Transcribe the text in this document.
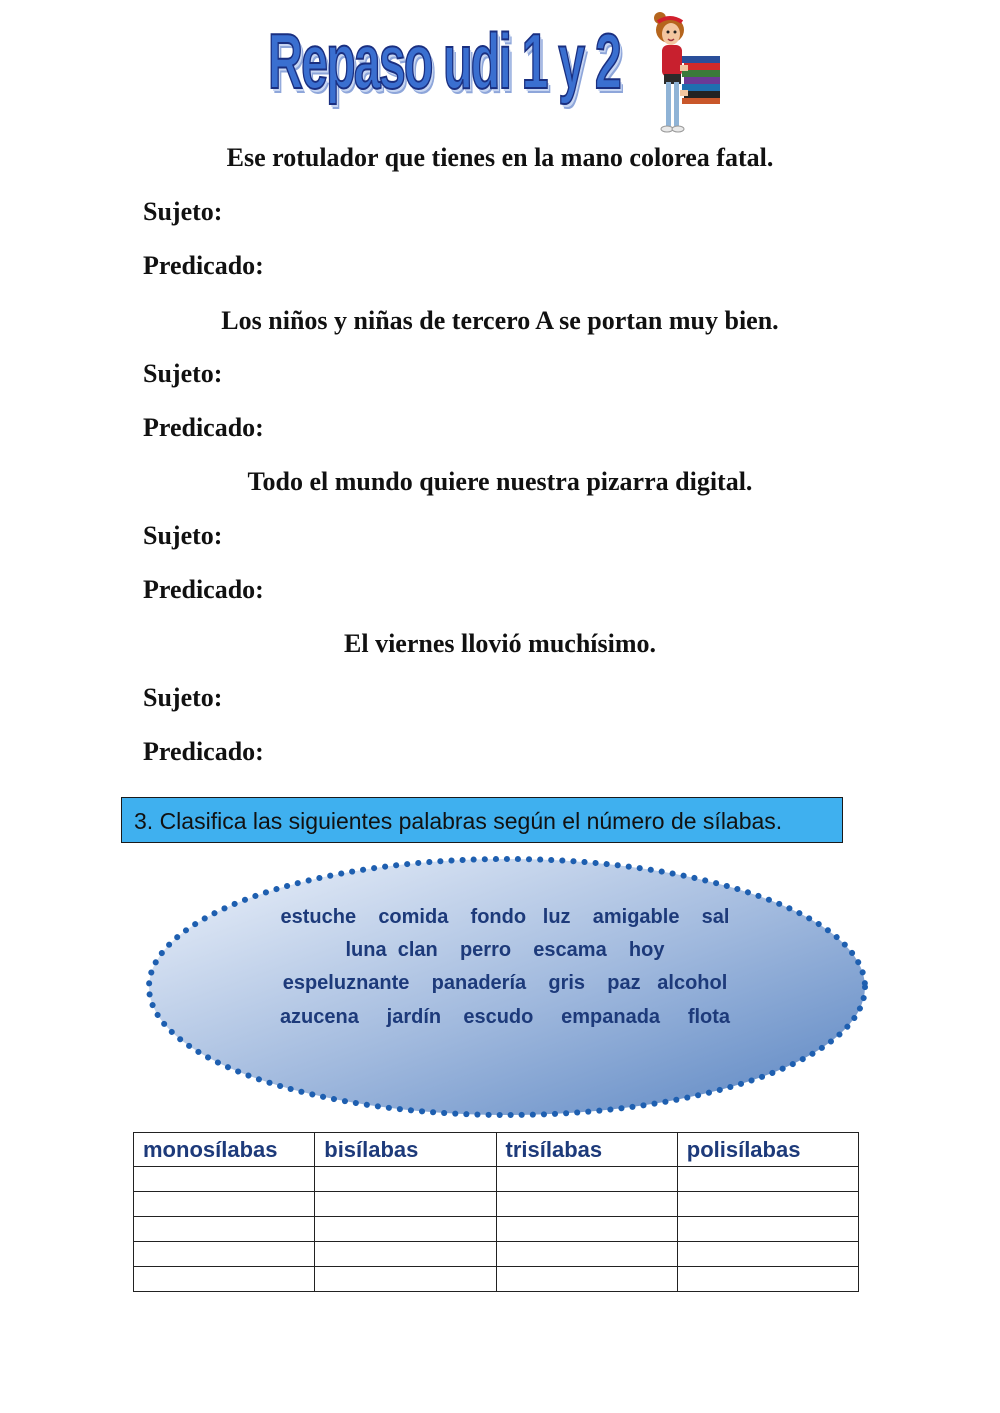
Repaso udi 1 y 2
Ese rotulador que tienes en la mano colorea fatal.
Sujeto:
Predicado:
Los niños y niñas de tercero A se portan muy bien.
Sujeto:
Predicado:
Todo el mundo quiere nuestra pizarra digital.
Sujeto:
Predicado:
El viernes llovió muchísimo.
Sujeto:
Predicado:
3. Clasifica las siguientes palabras según el número de sílabas.
estuche    comida    fondo   luz    amigable    sal
luna  clan    perro    escama    hoy
espeluznante    panadería    gris    paz   alcohol
azucena     jardín    escudo     empanada     flota
monosílabas	bisílabas	trisílabas	polisílabas
